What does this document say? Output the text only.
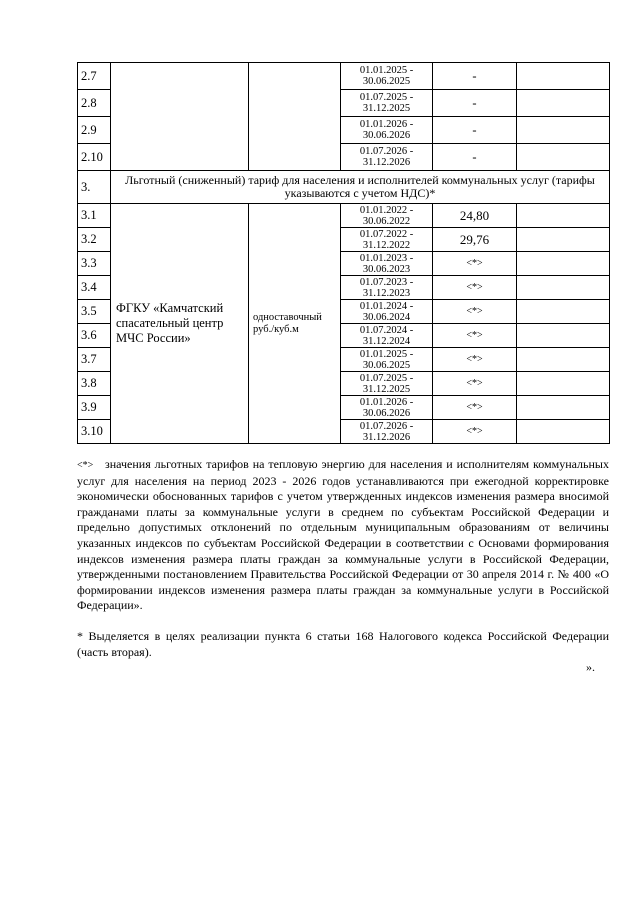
2.7			01.01.2025 - 30.06.2025	-	
2.8			01.07.2025 - 31.12.2025	-	
2.9			01.01.2026 - 30.06.2026	-	
2.10			01.07.2026 - 31.12.2026	-	
3.	Льготный (сниженный) тариф для населения и исполнителей коммунальных услуг (тарифы указываются с учетом НДС)*				
3.1	ФГКУ «Камчатский спасательный центр МЧС России»	одноставочный руб./куб.м	01.01.2022 - 30.06.2022	24,80	
3.2			01.07.2022 - 31.12.2022	29,76	
3.3			01.01.2023 - 30.06.2023	<*>	
3.4			01.07.2023 - 31.12.2023	<*>	
3.5			01.01.2024 - 30.06.2024	<*>	
3.6			01.07.2024 - 31.12.2024	<*>	
3.7			01.01.2025 - 30.06.2025	<*>	
3.8			01.07.2025 - 31.12.2025	<*>	
3.9			01.01.2026 - 30.06.2026	<*>	
3.10			01.07.2026 - 31.12.2026	<*>	

<*> значения льготных тарифов на тепловую энергию для населения и исполнителям коммунальных услуг для населения на период 2023 - 2026 годов устанавливаются при ежегодной корректировке экономически обоснованных тарифов с учетом утвержденных индексов изменения размера вносимой гражданами платы за коммунальные услуги в среднем по субъектам Российской Федерации и предельно допустимых отклонений по отдельным муниципальным образованиям от величины указанных индексов по субъектам Российской Федерации в соответствии с Основами формирования индексов изменения размера платы граждан за коммунальные услуги в Российской Федерации, утвержденными постановлением Правительства Российской Федерации от 30 апреля 2014 г. № 400 «О формировании индексов изменения размера платы граждан за коммунальные услуги в Российской Федерации».

* Выделяется в целях реализации пункта 6 статьи 168 Налогового кодекса Российской Федерации (часть вторая).

».
